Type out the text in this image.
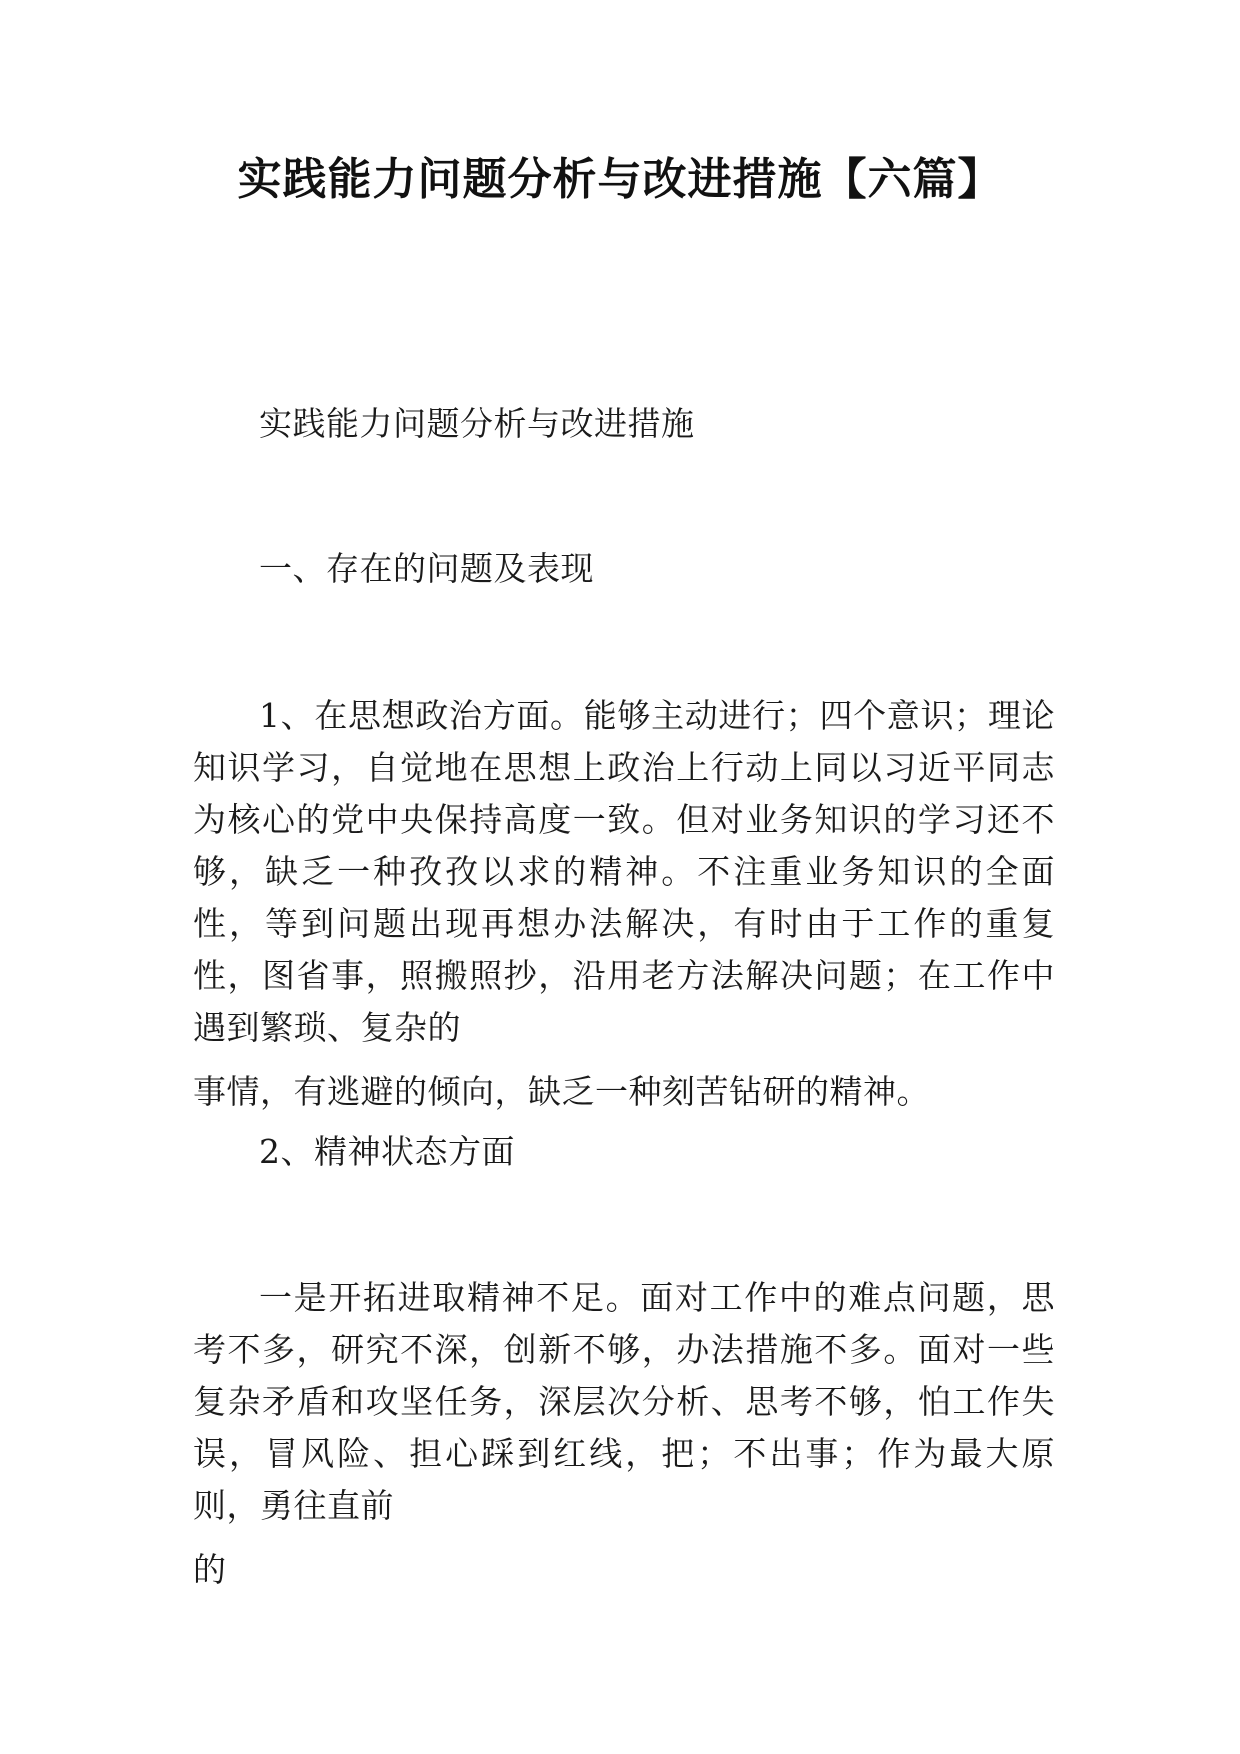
实践能力问题分析与改进措施【六篇】

实践能力问题分析与改进措施

一、存在的问题及表现

1、在思想政治方面。能够主动进行；四个意识；理论知识学习，自觉地在思想上政治上行动上同以习近平同志为核心的党中央保持高度一致。但对业务知识的学习还不够，缺乏一种孜孜以求的精神。不注重业务知识的全面性，等到问题出现再想办法解决，有时由于工作的重复性，图省事，照搬照抄，沿用老方法解决问题；在工作中遇到繁琐、复杂的
事情，有逃避的倾向，缺乏一种刻苦钻研的精神。

2、精神状态方面

一是开拓进取精神不足。面对工作中的难点问题，思考不多，研究不深，创新不够，办法措施不多。面对一些复杂矛盾和攻坚任务，深层次分析、思考不够，怕工作失误，冒风险、担心踩到红线，把；不出事；作为最大原则，勇往直前
的
